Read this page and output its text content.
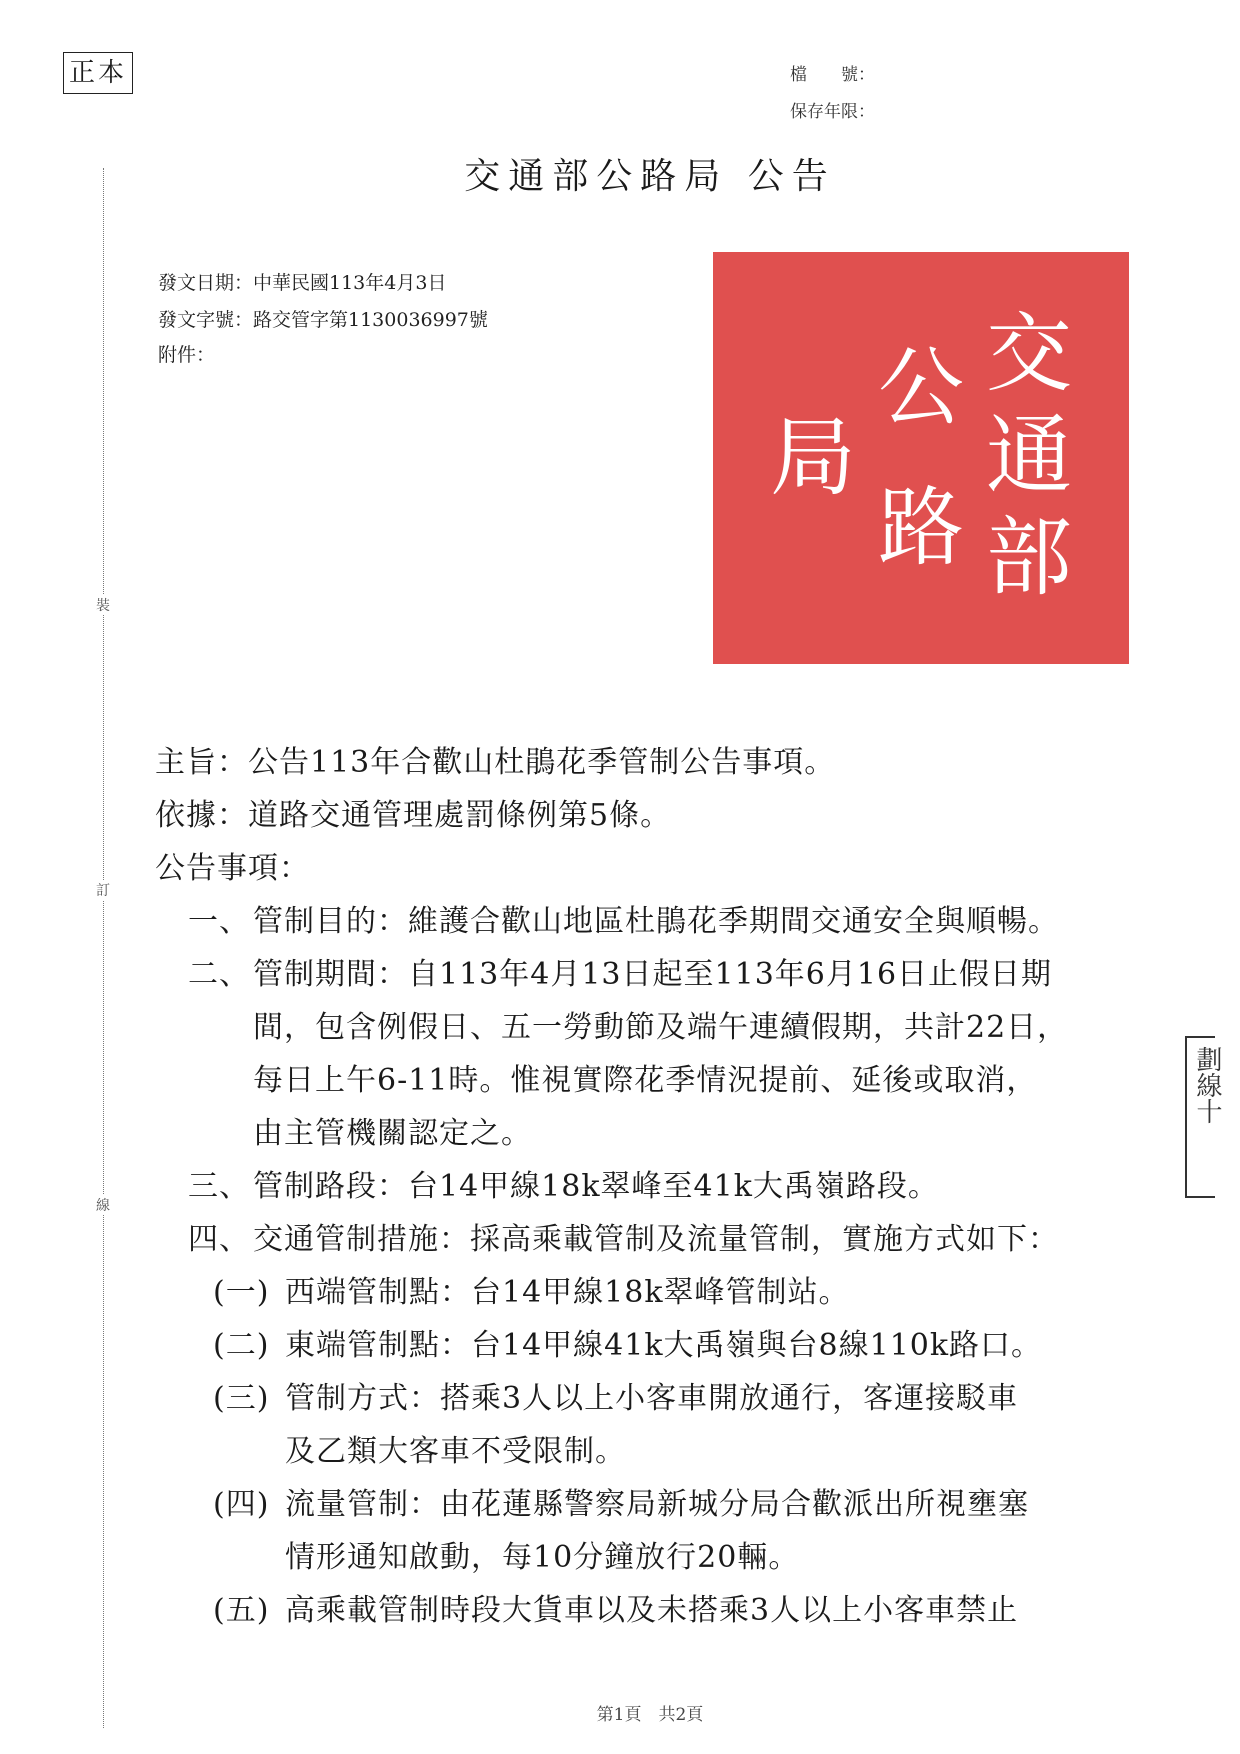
正本	檔　　號：
保存年限：
交通部公路局 公告
裝
訂
線
發文日期：中華民國113年4月3日
發文字號：路交管字第1130036997號
附件：	交
通
部
公
路
局
主旨：公告113年合歡山杜鵑花季管制公告事項。
依據：道路交通管理處罰條例第5條。
公告事項：
一、 管制目的：維護合歡山地區杜鵑花季期間交通安全與順暢。
二、 管制期間：自113年4月13日起至113年6月16日止假日期
間，包含例假日、五一勞動節及端午連續假期，共計22日，
每日上午6-11時。惟視實際花季情況提前、延後或取消，
由主管機關認定之。
三、 管制路段：台14甲線18k翠峰至41k大禹嶺路段。
四、 交通管制措施：採高乘載管制及流量管制，實施方式如下：
(一) 西端管制點：台14甲線18k翠峰管制站。
(二) 東端管制點：台14甲線41k大禹嶺與台8線110k路口。
(三) 管制方式：搭乘3人以上小客車開放通行，客運接駁車
及乙類大客車不受限制。
(四) 流量管制：由花蓮縣警察局新城分局合歡派出所視壅塞
情形通知啟動，每10分鐘放行20輛。
(五) 高乘載管制時段大貨車以及未搭乘3人以上小客車禁止
劃線十
第1頁　共2頁
